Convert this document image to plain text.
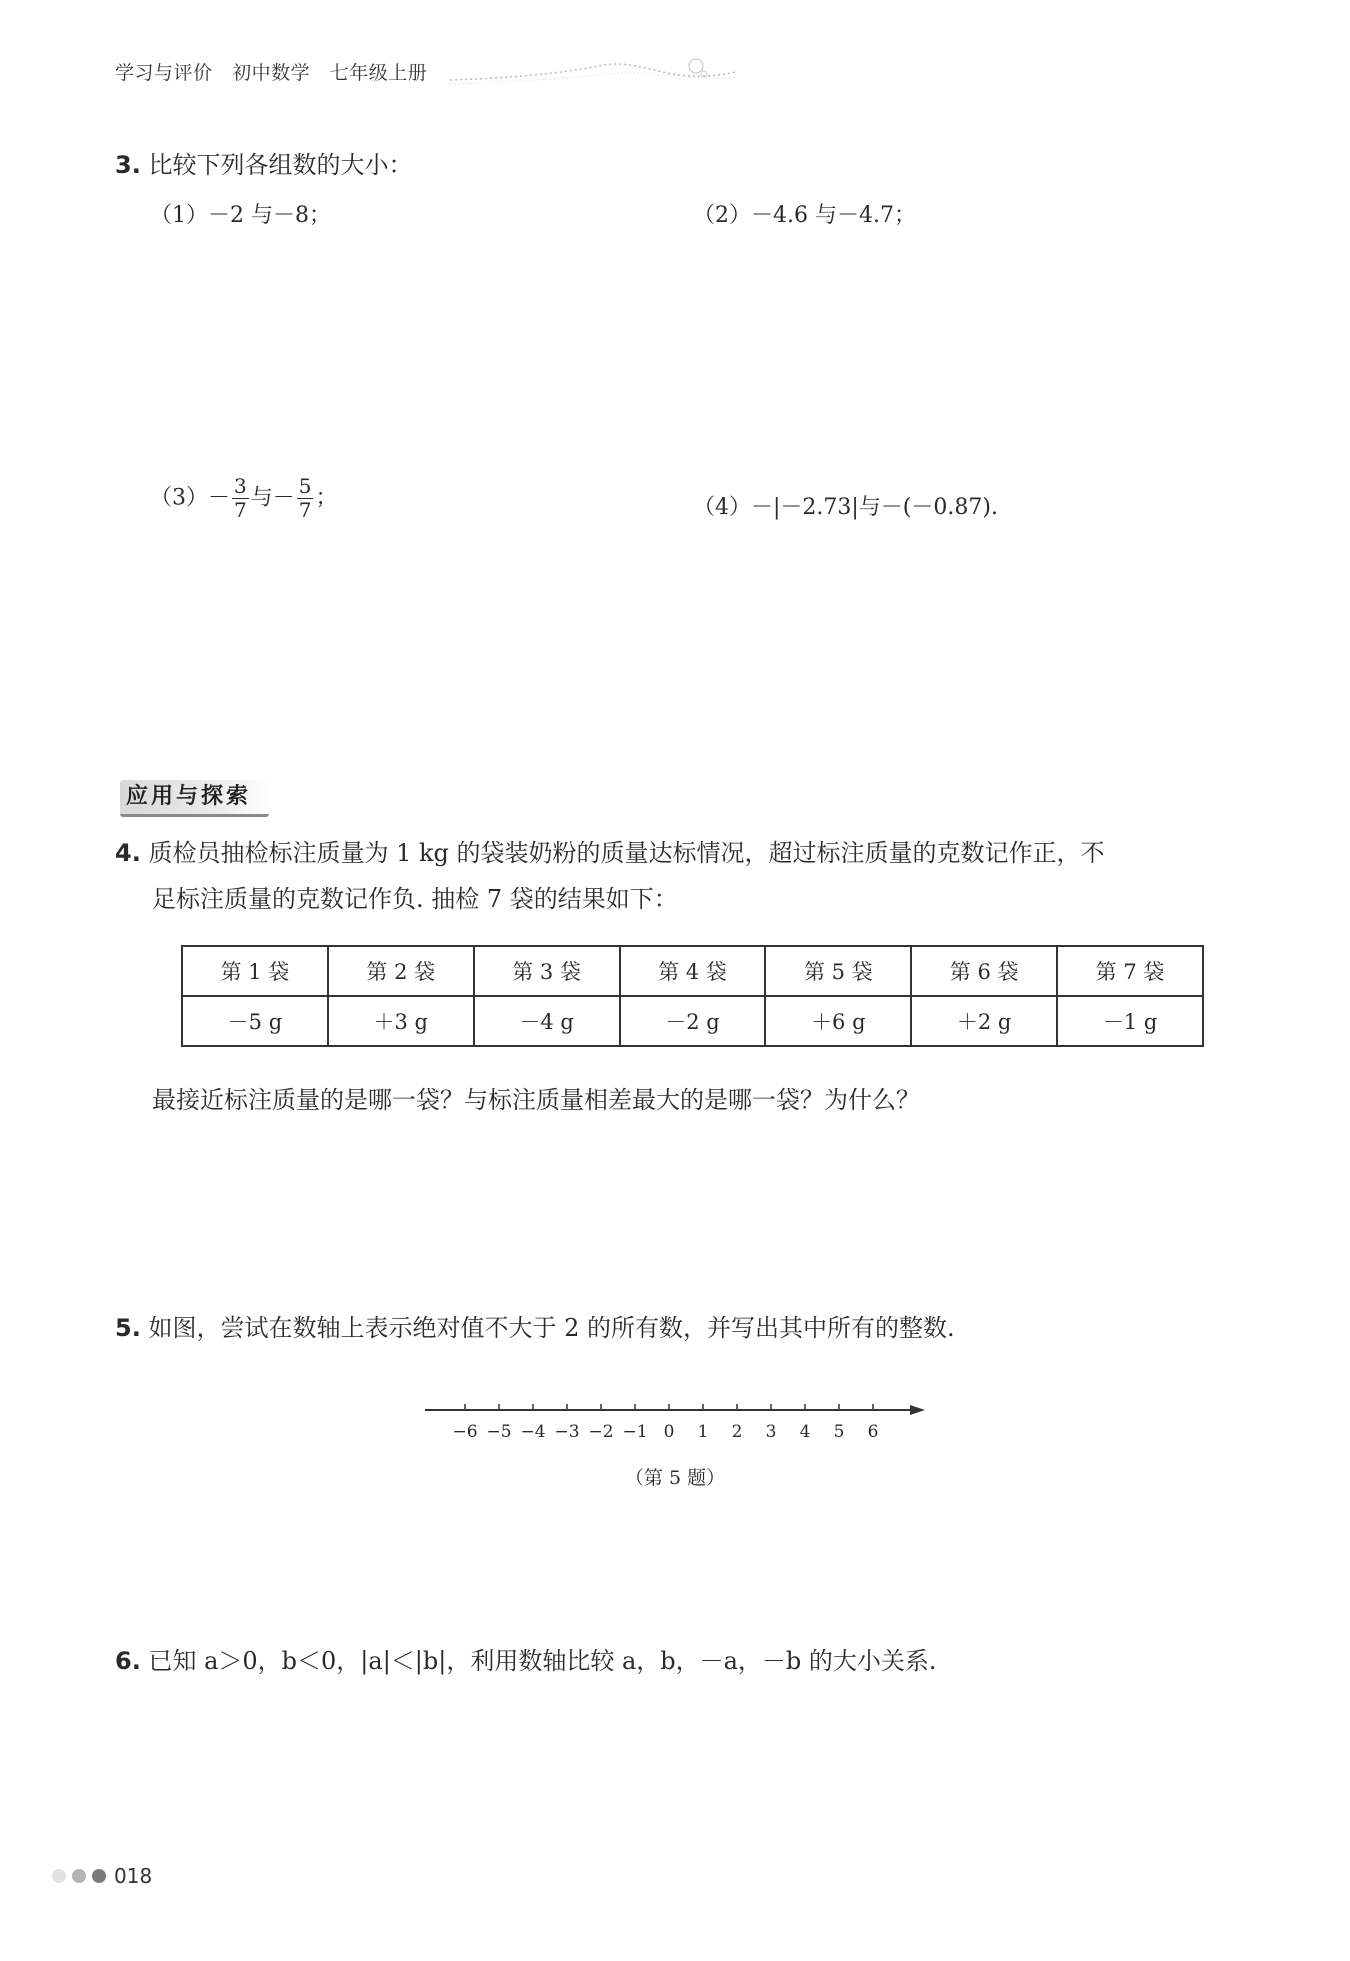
学习与评价 初中数学 七年级上册
3. 比较下列各组数的大小：
（1）－2 与－8；	（2）－4.6 与－4.7；
$(3)- \frac{3}{7}$ 与－ $\frac{5}{7}$ ；	（4）－|－2.73|与－(－0.87).
应用与探索
4. 质检员抽检标注质量为 1 kg 的袋装奶粉的质量达标情况，超过标注质量的克数记作正，不
足标注质量的克数记作负. 抽检 7 袋的结果如下：
第 1 袋	第 2 袋	第 3 袋	第 4 袋	第 5 袋	第 6 袋	第 7 袋
－5 g	＋3 g	－4 g	－2 g	＋6 g	＋2 g	－1 g
最接近标注质量的是哪一袋？与标注质量相差最大的是哪一袋？为什么？
5. 如图，尝试在数轴上表示绝对值不大于 2 的所有数，并写出其中所有的整数.
−6 −5 −4 −3 −2 −1 0 1 2 3 4 5 6
（第 5 题）
6. 已知 a＞0，b＜0，|a|＜|b|，利用数轴比较 a，b，－a，－b 的大小关系.
018
